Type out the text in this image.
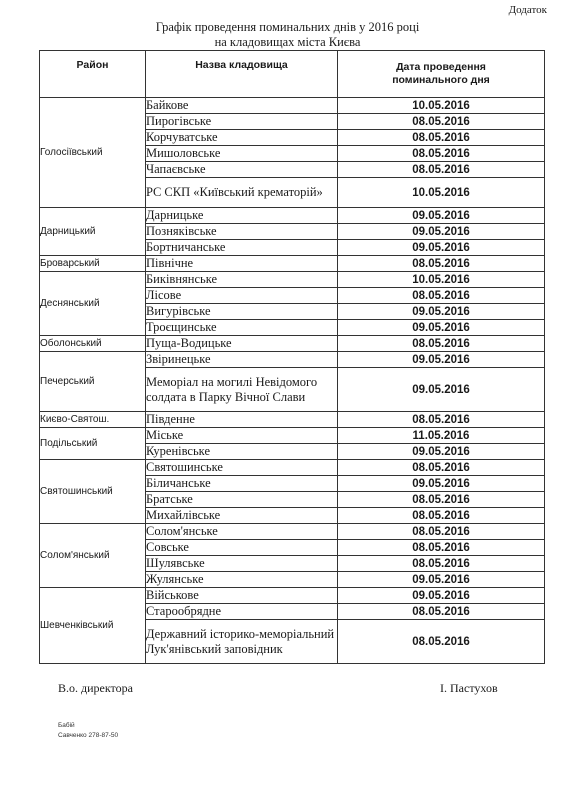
Додаток
Графік проведення поминальних днів у 2016 році
на кладовищах міста Києва
Район	Назва кладовища	Дата проведення поминального дня
Голосіївський	Байкове	10.05.2016
	Пирогівське	08.05.2016
	Корчуватське	08.05.2016
	Мишоловське	08.05.2016
	Чапаєвське	08.05.2016
	PC СКП «Київський крематорій»	10.05.2016
Дарницький	Дарницьке	09.05.2016
	Позняківське	09.05.2016
	Бортничанське	09.05.2016
Броварський	Північне	08.05.2016
Деснянський	Биківнянське	10.05.2016
	Лісове	08.05.2016
	Вигурівське	09.05.2016
	Троєщинське	09.05.2016
Оболонський	Пуща-Водицьке	08.05.2016
Печерський	Звіринецьке	09.05.2016
	Меморіал на могилі Невідомого солдата в Парку Вічної Слави	09.05.2016
Києво-Святош.	Південне	08.05.2016
Подільський	Міське	11.05.2016
	Куренівське	09.05.2016
Святошинський	Святошинське	08.05.2016
	Біличанське	09.05.2016
	Братське	08.05.2016
	Михайлівське	08.05.2016
Солом'янський	Солом'янське	08.05.2016
	Совське	08.05.2016
	Шулявське	08.05.2016
	Жулянське	09.05.2016
Шевченківський	Військове	09.05.2016
	Старообрядне	08.05.2016
	Державний історико-меморіальний Лук'янівський заповідник	08.05.2016
В.о. директора	І. Пастухов
Бабій
Савченко 278-87-50
